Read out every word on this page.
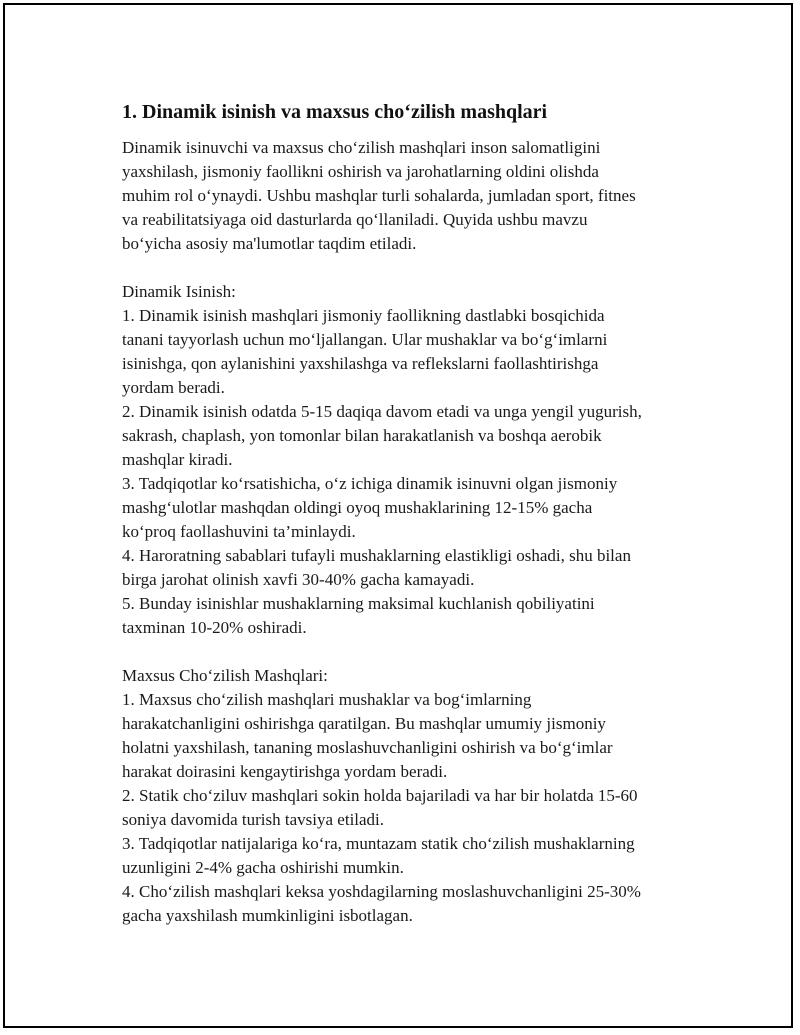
1. Dinamik isinish va maxsus cho‘zilish mashqlari
Dinamik isinuvchi va maxsus cho‘zilish mashqlari inson salomatligini
yaxshilash, jismoniy faollikni oshirish va jarohatlarning oldini olishda
muhim rol o‘ynaydi. Ushbu mashqlar turli sohalarda, jumladan sport, fitnes
va reabilitatsiyaga oid dasturlarda qo‘llaniladi. Quyida ushbu mavzu
bo‘yicha asosiy ma'lumotlar taqdim etiladi.
Dinamik Isinish:
1. Dinamik isinish mashqlari jismoniy faollikning dastlabki bosqichida
tanani tayyorlash uchun mo‘ljallangan. Ular mushaklar va bo‘g‘imlarni
isinishga, qon aylanishini yaxshilashga va reflekslarni faollashtirishga
yordam beradi.
2. Dinamik isinish odatda 5-15 daqiqa davom etadi va unga yengil yugurish,
sakrash, chaplash, yon tomonlar bilan harakatlanish va boshqa aerobik
mashqlar kiradi.
3. Tadqiqotlar ko‘rsatishicha, o‘z ichiga dinamik isinuvni olgan jismoniy
mashg‘ulotlar mashqdan oldingi oyoq mushaklarining 12-15% gacha
ko‘proq faollashuvini ta’minlaydi.
4. Haroratning sabablari tufayli mushaklarning elastikligi oshadi, shu bilan
birga jarohat olinish xavfi 30-40% gacha kamayadi.
5. Bunday isinishlar mushaklarning maksimal kuchlanish qobiliyatini
taxminan 10-20% oshiradi.
Maxsus Cho‘zilish Mashqlari:
1. Maxsus cho‘zilish mashqlari mushaklar va bog‘imlarning
harakatchanligini oshirishga qaratilgan. Bu mashqlar umumiy jismoniy
holatni yaxshilash, tananing moslashuvchanligini oshirish va bo‘g‘imlar
harakat doirasini kengaytirishga yordam beradi.
2. Statik cho‘ziluv mashqlari sokin holda bajariladi va har bir holatda 15-60
soniya davomida turish tavsiya etiladi.
3. Tadqiqotlar natijalariga ko‘ra, muntazam statik cho‘zilish mushaklarning
uzunligini 2-4% gacha oshirishi mumkin.
4. Cho‘zilish mashqlari keksa yoshdagilarning moslashuvchanligini 25-30%
gacha yaxshilash mumkinligini isbotlagan.
